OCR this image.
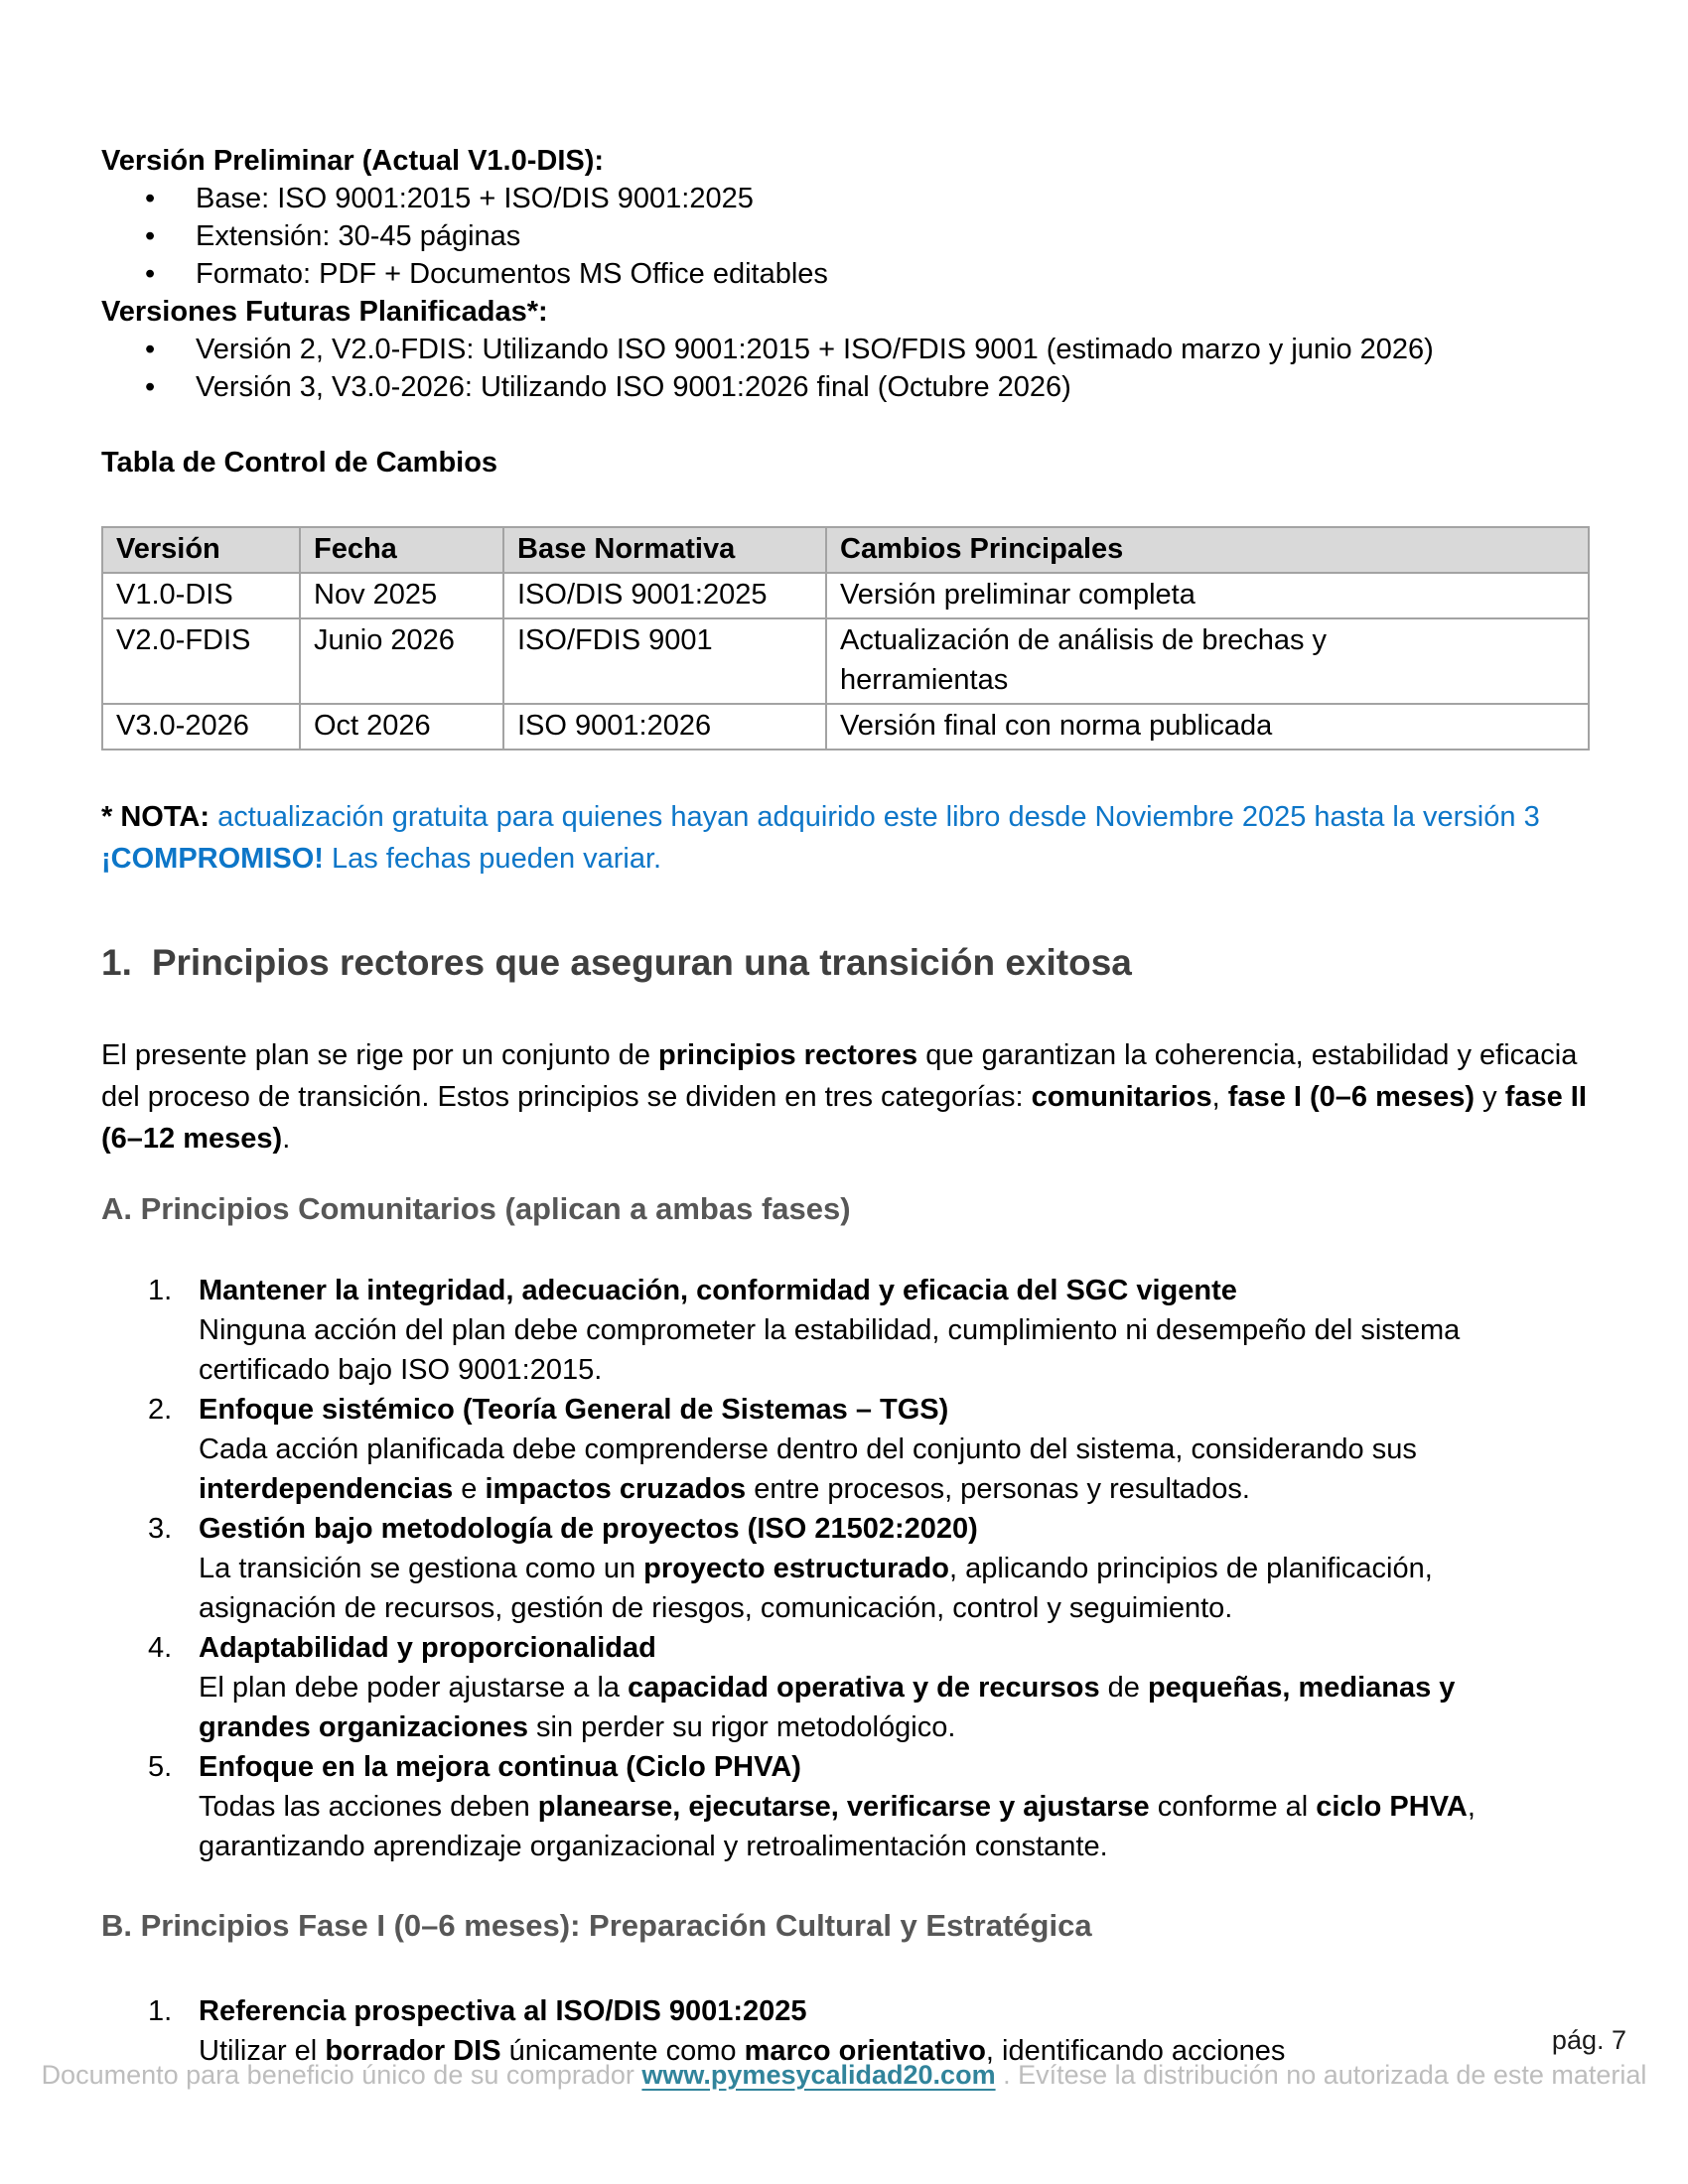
Versión Preliminar (Actual V1.0-DIS):
• Base: ISO 9001:2015 + ISO/DIS 9001:2025
• Extensión: 30-45 páginas
• Formato: PDF + Documentos MS Office editables
Versiones Futuras Planificadas*:
• Versión 2, V2.0-FDIS: Utilizando ISO 9001:2015 + ISO/FDIS 9001 (estimado marzo y junio 2026)
• Versión 3, V3.0-2026: Utilizando ISO 9001:2026 final (Octubre 2026)
Tabla de Control de Cambios
Versión	Fecha	Base Normativa	Cambios Principales
V1.0-DIS	Nov 2025	ISO/DIS 9001:2025	Versión preliminar completa
V2.0-FDIS	Junio 2026	ISO/FDIS 9001	Actualización de análisis de brechas y herramientas
V3.0-2026	Oct 2026	ISO 9001:2026	Versión final con norma publicada

* NOTA: actualización gratuita para quienes hayan adquirido este libro desde Noviembre 2025 hasta la versión 3 ¡COMPROMISO! Las fechas pueden variar.

1. Principios rectores que aseguran una transición exitosa

El presente plan se rige por un conjunto de principios rectores que garantizan la coherencia, estabilidad y eficacia del proceso de transición. Estos principios se dividen en tres categorías: comunitarios, fase I (0–6 meses) y fase II (6–12 meses).

A. Principios Comunitarios (aplican a ambas fases)
1. Mantener la integridad, adecuación, conformidad y eficacia del SGC vigente
Ninguna acción del plan debe comprometer la estabilidad, cumplimiento ni desempeño del sistema certificado bajo ISO 9001:2015.
2. Enfoque sistémico (Teoría General de Sistemas – TGS)
Cada acción planificada debe comprenderse dentro del conjunto del sistema, considerando sus interdependencias e impactos cruzados entre procesos, personas y resultados.
3. Gestión bajo metodología de proyectos (ISO 21502:2020)
La transición se gestiona como un proyecto estructurado, aplicando principios de planificación, asignación de recursos, gestión de riesgos, comunicación, control y seguimiento.
4. Adaptabilidad y proporcionalidad
El plan debe poder ajustarse a la capacidad operativa y de recursos de pequeñas, medianas y grandes organizaciones sin perder su rigor metodológico.
5. Enfoque en la mejora continua (Ciclo PHVA)
Todas las acciones deben planearse, ejecutarse, verificarse y ajustarse conforme al ciclo PHVA, garantizando aprendizaje organizacional y retroalimentación constante.
B. Principios Fase I (0–6 meses): Preparación Cultural y Estratégica
1. Referencia prospectiva al ISO/DIS 9001:2025
Utilizar el borrador DIS únicamente como marco orientativo, identificando acciones	pág. 7
Documento para beneficio único de su comprador www.pymesycalidad20.com . Evítese la distribución no autorizada de este material
